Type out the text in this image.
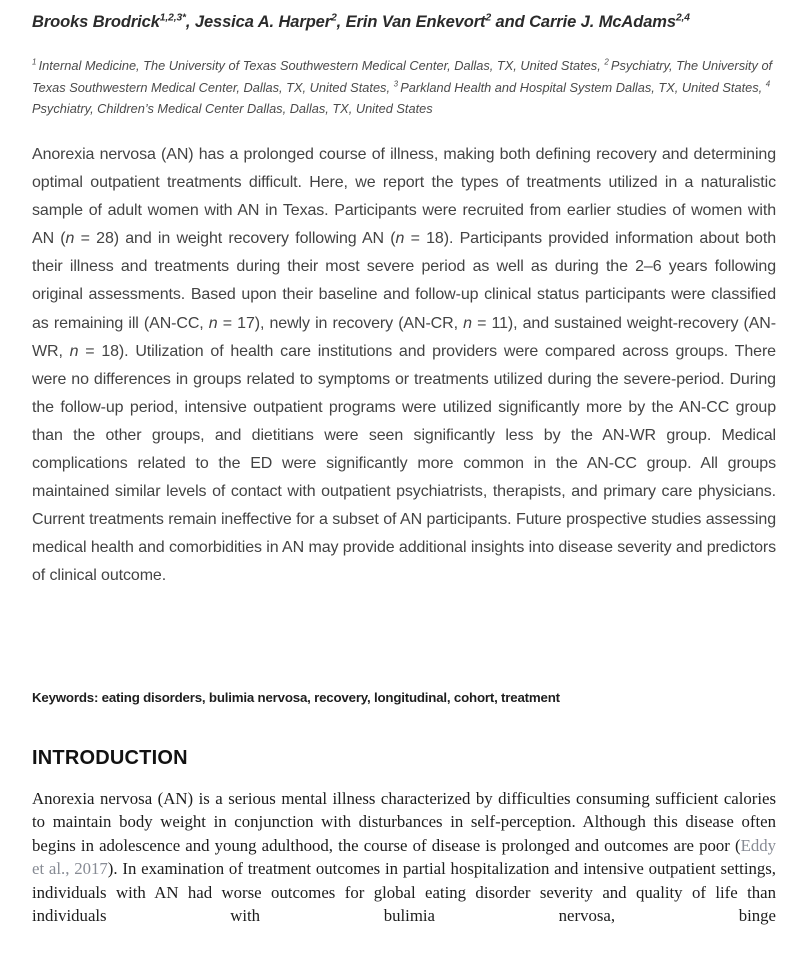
Brooks Brodrick$^{1,2,3*}$, Jessica A. Harper$^2$, Erin Van Enkevort$^2$ and Carrie J. McAdams$^{2,4}$

$^1$ Internal Medicine, The University of Texas Southwestern Medical Center, Dallas, TX, United States, $^2$ Psychiatry, The University of Texas Southwestern Medical Center, Dallas, TX, United States, $^3$ Parkland Health and Hospital System Dallas, TX, United States, $^4$ Psychiatry, Children’s Medical Center Dallas, Dallas, TX, United States

Anorexia nervosa (AN) has a prolonged course of illness, making both defining recovery and determining optimal outpatient treatments difficult. Here, we report the types of treatments utilized in a naturalistic sample of adult women with AN in Texas. Participants were recruited from earlier studies of women with AN (n = 28) and in weight recovery following AN (n = 18). Participants provided information about both their illness and treatments during their most severe period as well as during the 2–6 years following original assessments. Based upon their baseline and follow-up clinical status participants were classified as remaining ill (AN-CC, n = 17), newly in recovery (AN-CR, n = 11), and sustained weight-recovery (AN-WR, n = 18). Utilization of health care institutions and providers were compared across groups. There were no differences in groups related to symptoms or treatments utilized during the severe-period. During the follow-up period, intensive outpatient programs were utilized significantly more by the AN-CC group than the other groups, and dietitians were seen significantly less by the AN-WR group. Medical complications related to the ED were significantly more common in the AN-CC group. All groups maintained similar levels of contact with outpatient psychiatrists, therapists, and primary care physicians. Current treatments remain ineffective for a subset of AN participants. Future prospective studies assessing medical health and comorbidities in AN may provide additional insights into disease severity and predictors of clinical outcome.

Keywords: eating disorders, bulimia nervosa, recovery, longitudinal, cohort, treatment

INTRODUCTION

Anorexia nervosa (AN) is a serious mental illness characterized by difficulties consuming sufficient calories to maintain body weight in conjunction with disturbances in self-perception. Although this disease often begins in adolescence and young adulthood, the course of disease is prolonged and outcomes are poor (Eddy et al., 2017). In examination of treatment outcomes in partial hospitalization and intensive outpatient settings, individuals with AN had worse outcomes for global eating disorder severity and quality of life than individuals with bulimia nervosa, binge
